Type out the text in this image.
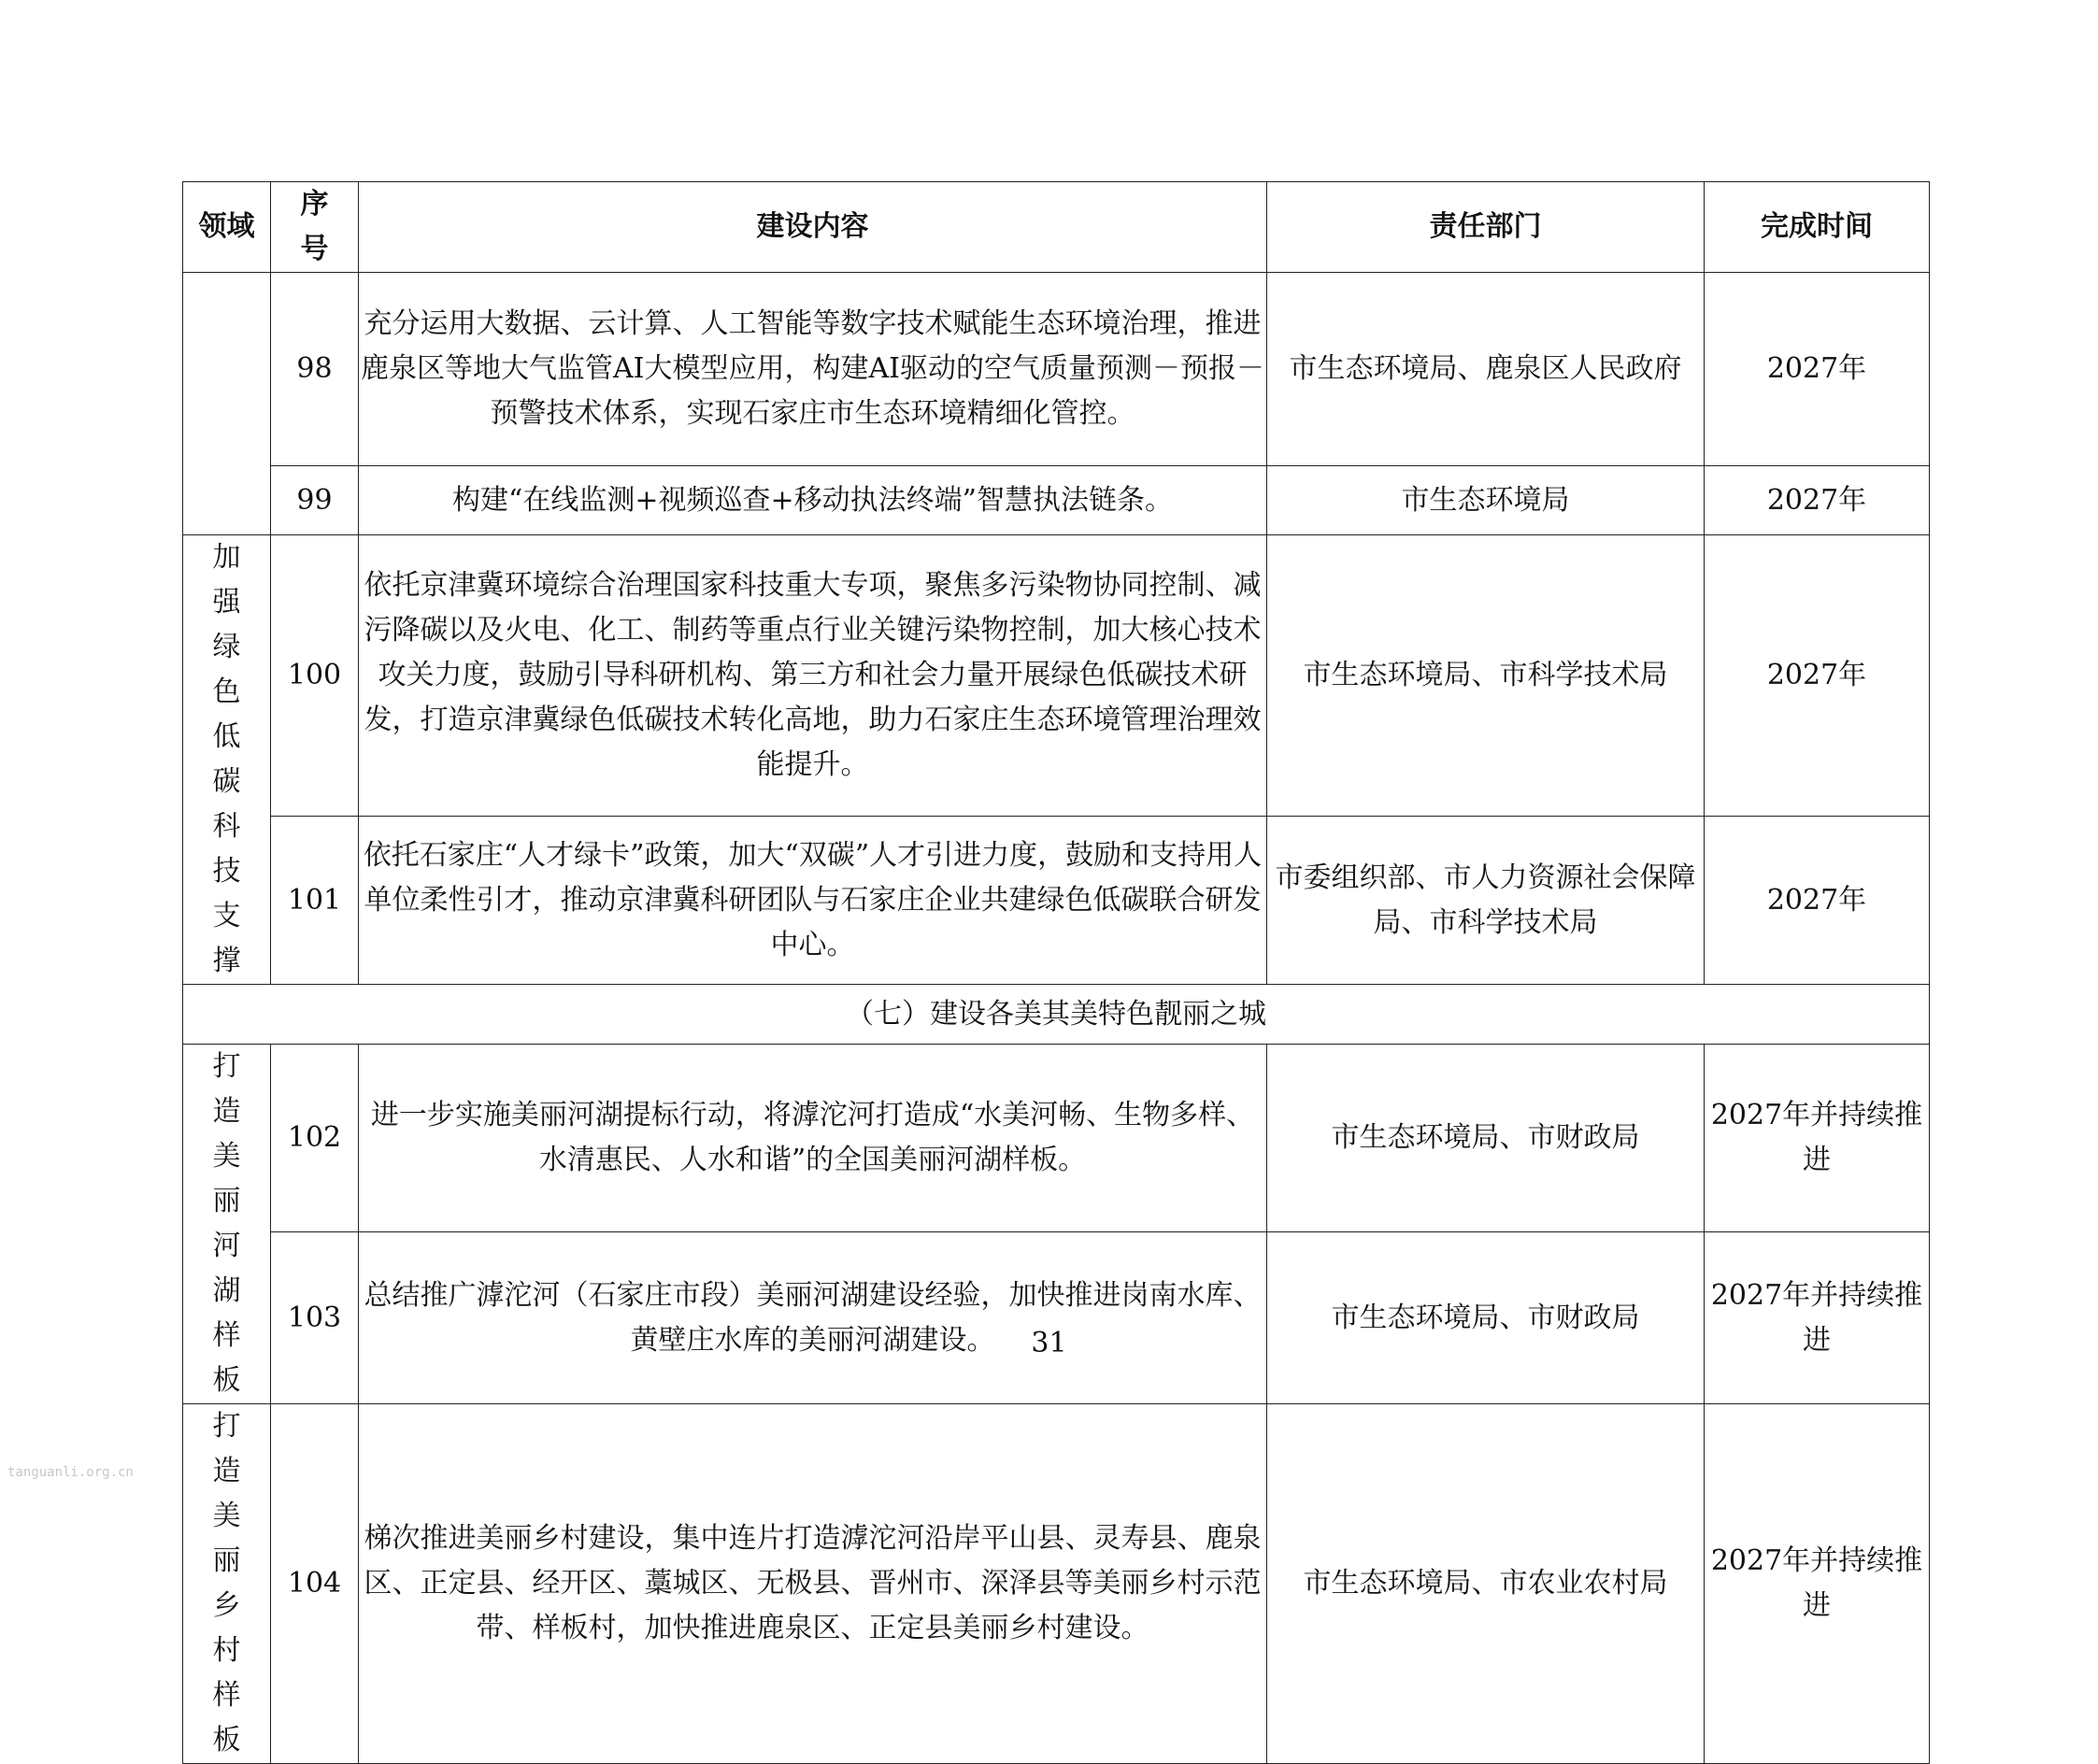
领域	序号	建设内容	责任部门	完成时间
	98	充分运用大数据、云计算、人工智能等数字技术赋能生态环境治理，推进鹿泉区等地大气监管AI大模型应用，构建AI驱动的空气质量预测－预报－预警技术体系，实现石家庄市生态环境精细化管控。	市生态环境局、鹿泉区人民政府	2027年
	99	构建“在线监测+视频巡查+移动执法终端”智慧执法链条。	市生态环境局	2027年

加强绿色低碳科技支撑	100	依托京津冀环境综合治理国家科技重大专项，聚焦多污染物协同控制、减污降碳以及火电、化工、制药等重点行业关键污染物控制，加大核心技术攻关力度，鼓励引导科研机构、第三方和社会力量开展绿色低碳技术研发，打造京津冀绿色低碳技术转化高地，助力石家庄生态环境管理治理效能提升。	市生态环境局、市科学技术局	2027年
	101	依托石家庄“人才绿卡”政策，加大“双碳”人才引进力度，鼓励和支持用人单位柔性引才，推动京津冀科研团队与石家庄企业共建绿色低碳联合研发中心。	市委组织部、市人力资源社会保障局、市科学技术局	2027年
（七）建设各美其美特色靓丽之城				

打造美丽河湖样板	102	进一步实施美丽河湖提标行动，将滹沱河打造成“水美河畅、生物多样、水清惠民、人水和谐”的全国美丽河湖样板。	市生态环境局、市财政局	2027年并持续推进
	103	总结推广滹沱河（石家庄市段）美丽河湖建设经验，加快推进岗南水库、黄壁庄水库的美丽河湖建设。	市生态环境局、市财政局	2027年并持续推进

打造美丽乡村样板	104	梯次推进美丽乡村建设，集中连片打造滹沱河沿岸平山县、灵寿县、鹿泉区、正定县、经开区、藁城区、无极县、晋州市、深泽县等美丽乡村示范带、样板村，加快推进鹿泉区、正定县美丽乡村建设。	市生态环境局、市农业农村局	2027年并持续推进
31
tanguanli.org.cn
